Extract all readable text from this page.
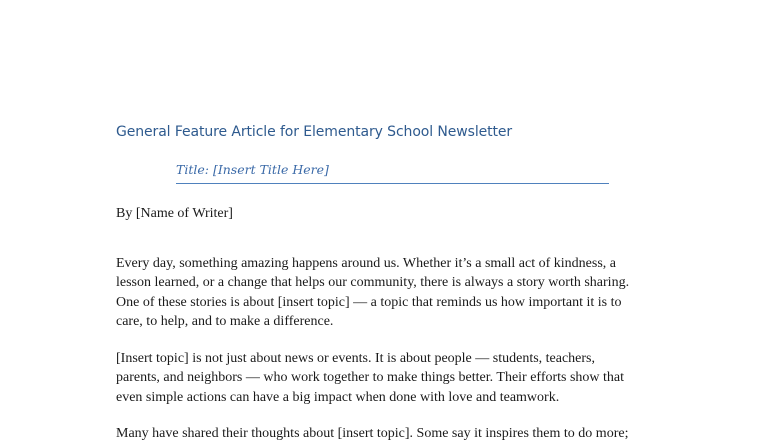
General Feature Article for Elementary School Newsletter
Title: [Insert Title Here]

By [Name of Writer]

Every day, something amazing happens around us. Whether it’s a small act of kindness, a
lesson learned, or a change that helps our community, there is always a story worth sharing.
One of these stories is about [insert topic] — a topic that reminds us how important it is to
care, to help, and to make a difference.

[Insert topic] is not just about news or events. It is about people — students, teachers,
parents, and neighbors — who work together to make things better. Their efforts show that
even simple actions can have a big impact when done with love and teamwork.

Many have shared their thoughts about [insert topic]. Some say it inspires them to do more;
